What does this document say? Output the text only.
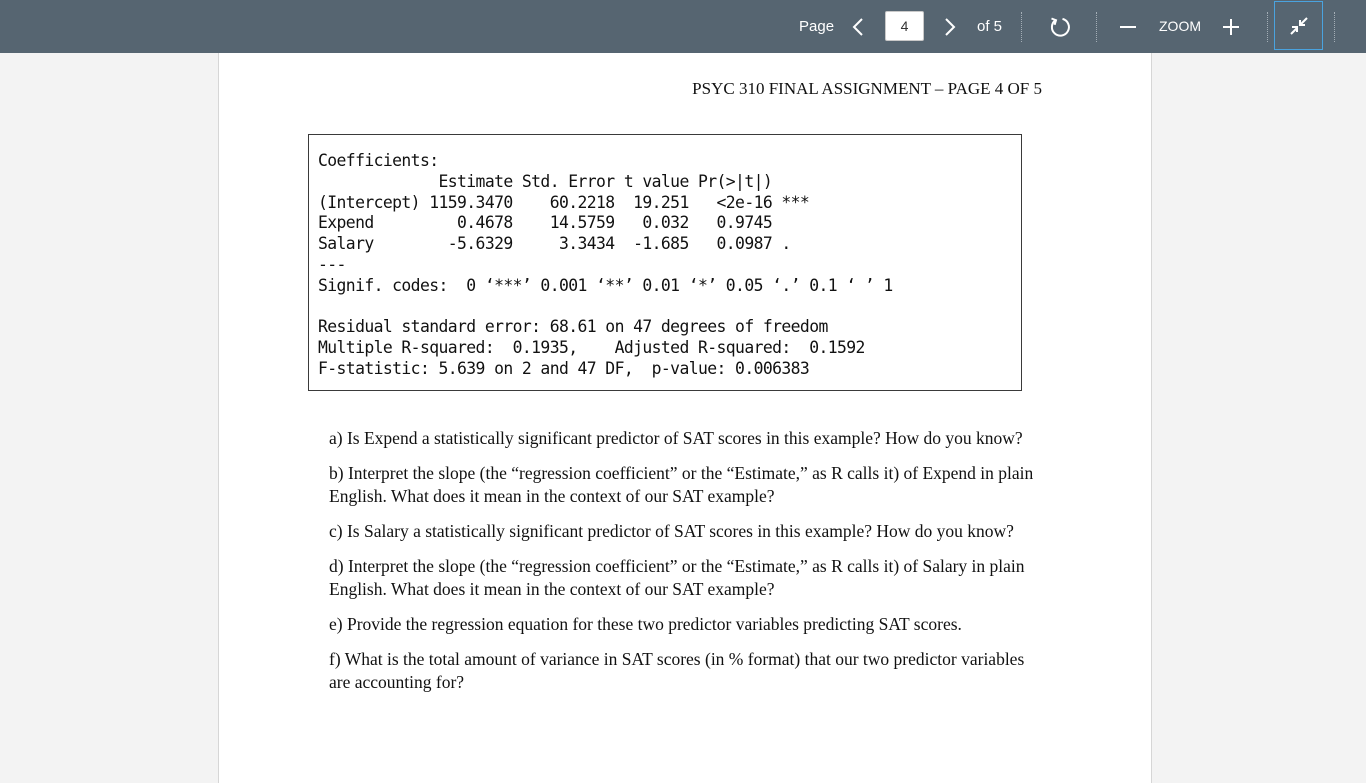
Page
4	of 5	ZOOM
PSYC 310 FINAL ASSIGNMENT – PAGE 4 OF 5
Coefficients:
Estimate Std. Error t value Pr(>|t|)
(Intercept) 1159.3470    60.2218  19.251   <2e-16 ***
Expend         0.4678    14.5759   0.032   0.9745
Salary        -5.6329     3.3434  -1.685   0.0987 .
---
Signif. codes:  0 ‘***’ 0.001 ‘**’ 0.01 ‘*’ 0.05 ‘.’ 0.1 ‘ ’ 1

Residual standard error: 68.61 on 47 degrees of freedom
Multiple R-squared:  0.1935,    Adjusted R-squared:  0.1592
F-statistic: 5.639 on 2 and 47 DF,  p-value: 0.006383

a) Is Expend a statistically significant predictor of SAT scores in this example? How do you know?

b) Interpret the slope (the “regression coefficient” or the “Estimate,” as R calls it) of Expend in plain English. What does it mean in the context of our SAT example?

c) Is Salary a statistically significant predictor of SAT scores in this example? How do you know?

d) Interpret the slope (the “regression coefficient” or the “Estimate,” as R calls it) of Salary in plain English. What does it mean in the context of our SAT example?

e) Provide the regression equation for these two predictor variables predicting SAT scores.

f) What is the total amount of variance in SAT scores (in % format) that our two predictor variables are accounting for?
